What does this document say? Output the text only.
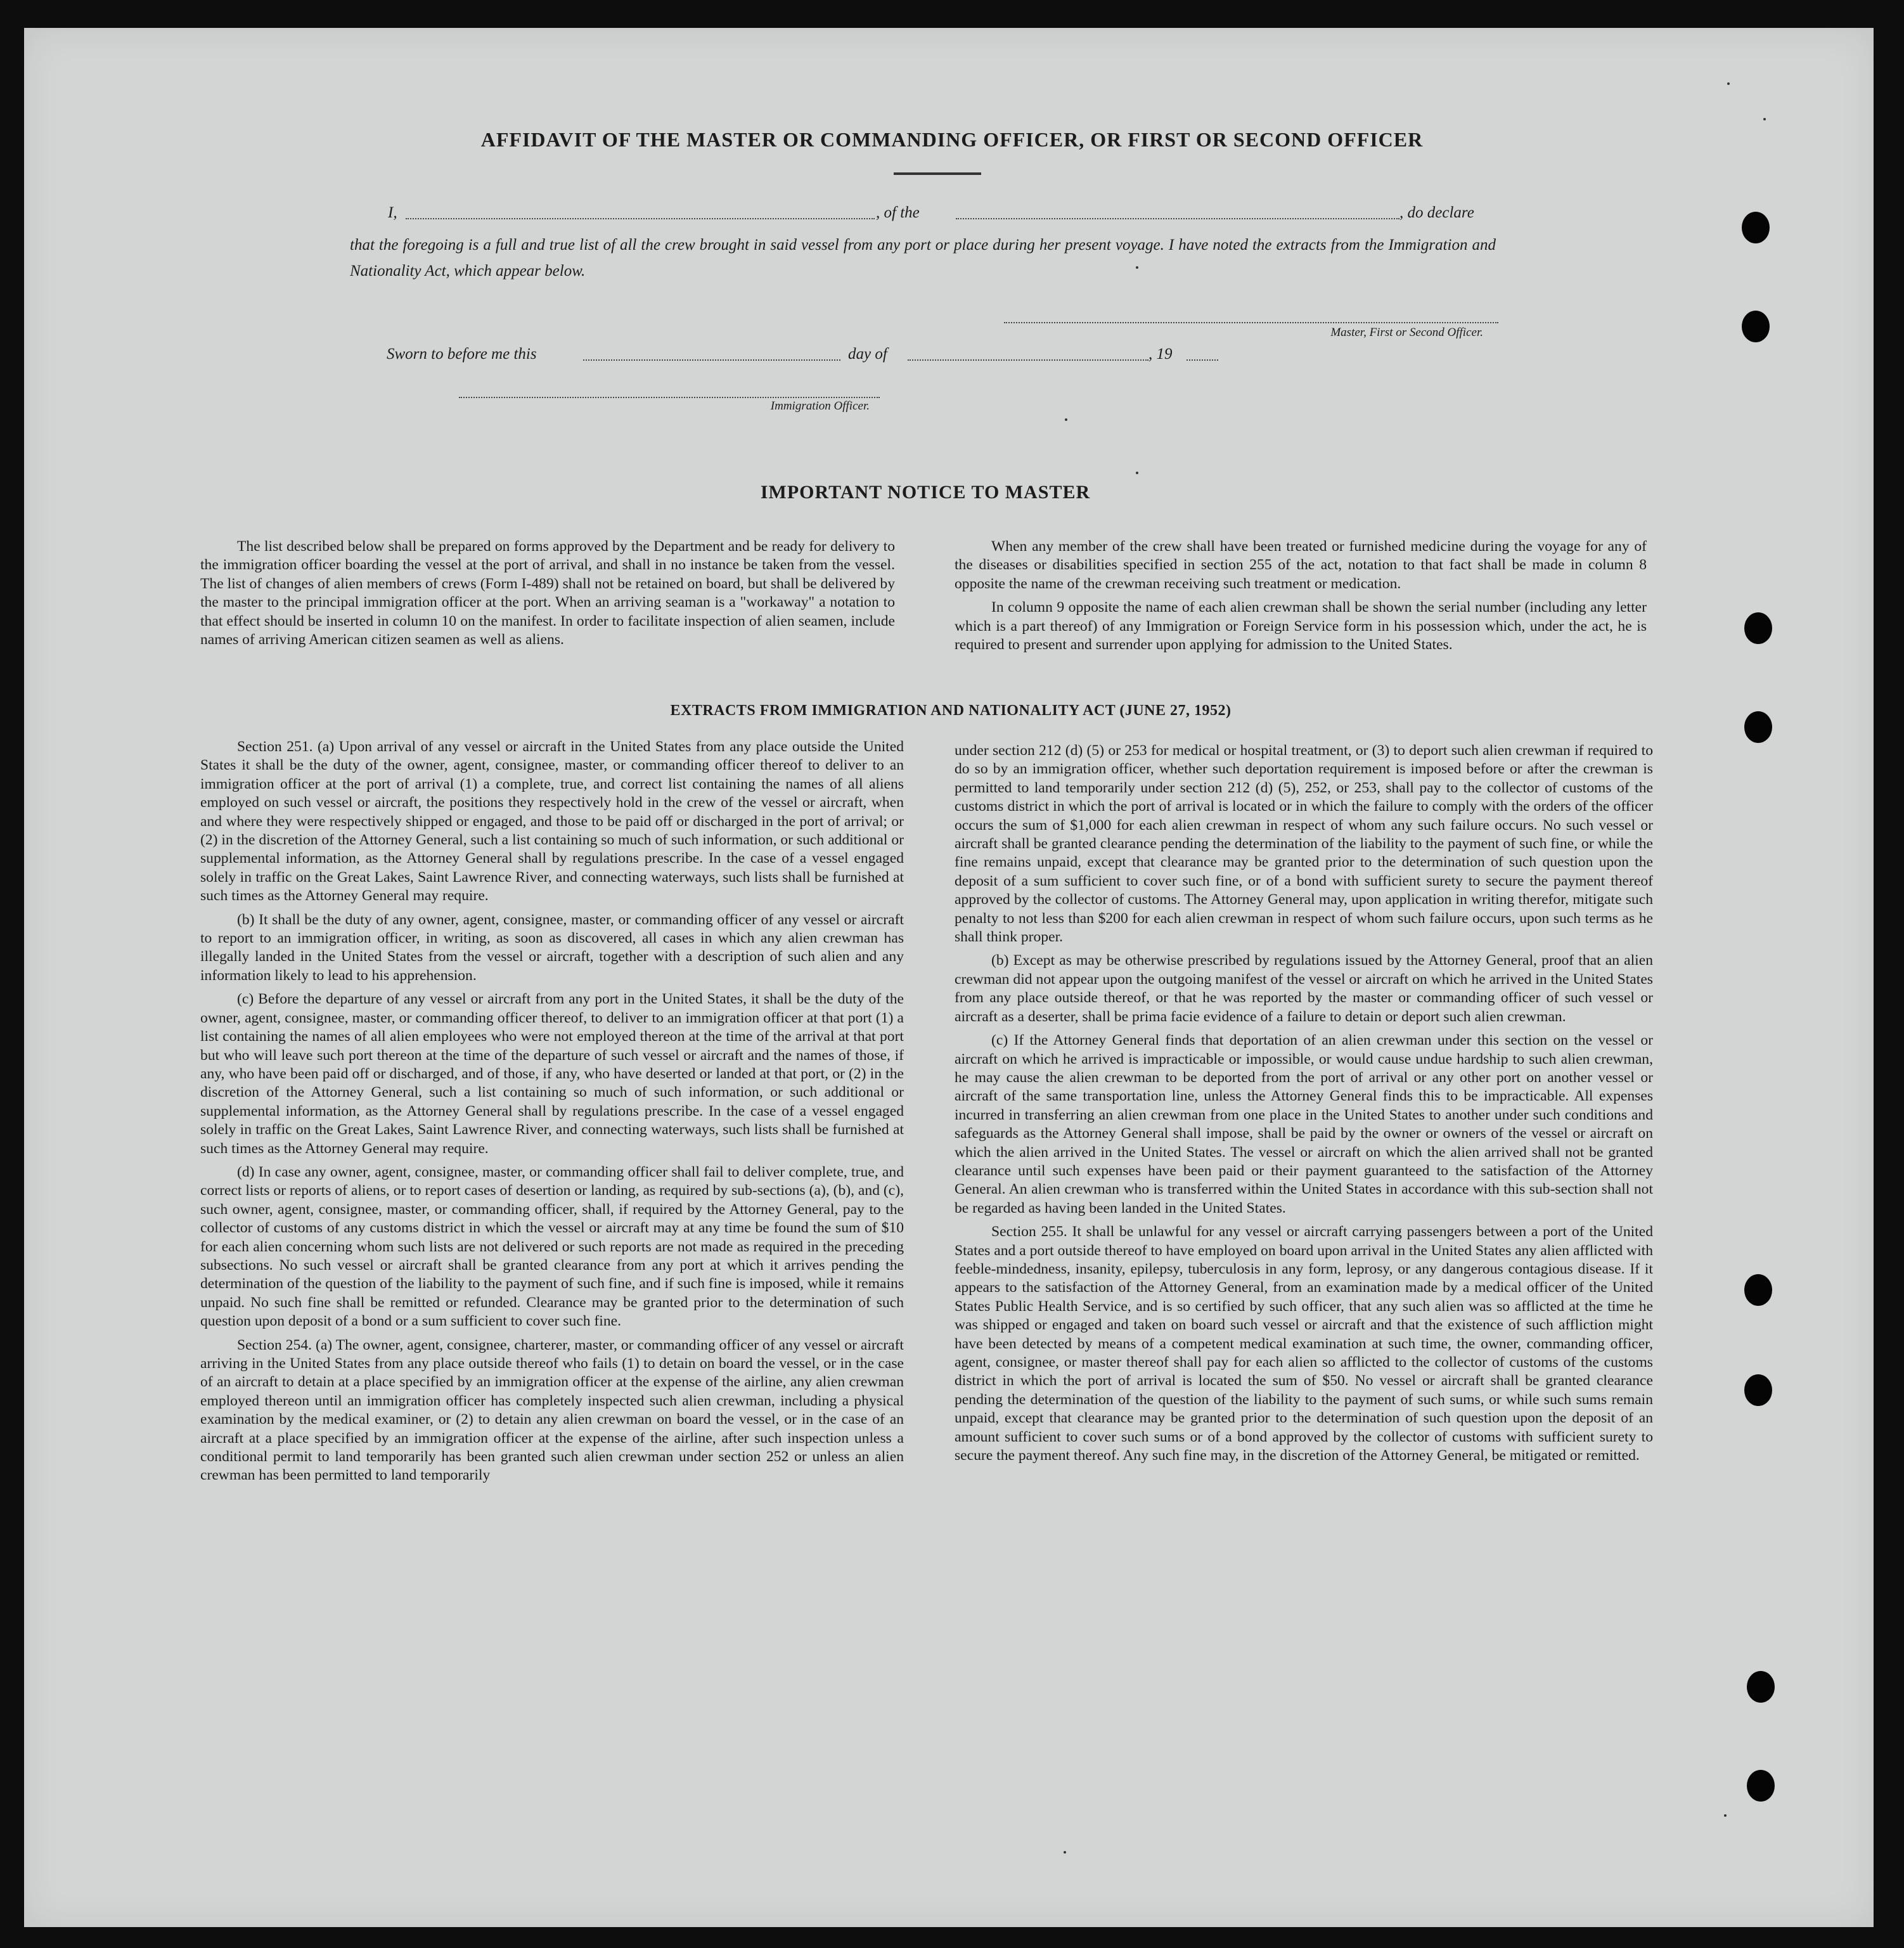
AFFIDAVIT OF THE MASTER OR COMMANDING OFFICER, OR FIRST OR SECOND OFFICER
I,	, of the	, do declare
that the foregoing is a full and true list of all the crew brought in said vessel from any port or place during her present voyage. I have noted the extracts from the Immigration and Nationality Act, which appear below.
Master, First or Second Officer.
Sworn to before me this	day of	, 19
Immigration Officer.
IMPORTANT NOTICE TO MASTER

The list described below shall be prepared on forms approved by the Department and be ready for delivery to the immigration officer boarding the vessel at the port of arrival, and shall in no instance be taken from the vessel. The list of changes of alien members of crews (Form I-489) shall not be retained on board, but shall be delivered by the master to the principal immigration officer at the port. When an arriving seaman is a "workaway" a notation to that effect should be inserted in column 10 on the manifest. In order to facilitate inspection of alien seamen, include names of arriving American citizen seamen as well as aliens.

When any member of the crew shall have been treated or furnished medicine during the voyage for any of the diseases or disabilities specified in section 255 of the act, notation to that fact shall be made in column 8 opposite the name of the crewman receiving such treatment or medication.

In column 9 opposite the name of each alien crewman shall be shown the serial number (including any letter which is a part thereof) of any Immigration or Foreign Service form in his possession which, under the act, he is required to present and surrender upon applying for admission to the United States.

EXTRACTS FROM IMMIGRATION AND NATIONALITY ACT (JUNE 27, 1952)

Section 251. (a) Upon arrival of any vessel or aircraft in the United States from any place outside the United States it shall be the duty of the owner, agent, consignee, master, or commanding officer thereof to deliver to an immigration officer at the port of arrival (1) a complete, true, and correct list containing the names of all aliens employed on such vessel or aircraft, the positions they respectively hold in the crew of the vessel or aircraft, when and where they were respectively shipped or engaged, and those to be paid off or discharged in the port of arrival; or (2) in the discretion of the Attorney General, such a list containing so much of such information, or such additional or supplemental information, as the Attorney General shall by regulations prescribe. In the case of a vessel engaged solely in traffic on the Great Lakes, Saint Lawrence River, and connecting waterways, such lists shall be furnished at such times as the Attorney General may require.

(b) It shall be the duty of any owner, agent, consignee, master, or commanding officer of any vessel or aircraft to report to an immigration officer, in writing, as soon as discovered, all cases in which any alien crewman has illegally landed in the United States from the vessel or aircraft, together with a description of such alien and any information likely to lead to his apprehension.

(c) Before the departure of any vessel or aircraft from any port in the United States, it shall be the duty of the owner, agent, consignee, master, or commanding officer thereof, to deliver to an immigration officer at that port (1) a list containing the names of all alien employees who were not employed thereon at the time of the arrival at that port but who will leave such port thereon at the time of the departure of such vessel or aircraft and the names of those, if any, who have been paid off or discharged, and of those, if any, who have deserted or landed at that port, or (2) in the discretion of the Attorney General, such a list containing so much of such information, or such additional or supplemental information, as the Attorney General shall by regulations prescribe. In the case of a vessel engaged solely in traffic on the Great Lakes, Saint Lawrence River, and connecting waterways, such lists shall be furnished at such times as the Attorney General may require.

(d) In case any owner, agent, consignee, master, or commanding officer shall fail to deliver complete, true, and correct lists or reports of aliens, or to report cases of desertion or landing, as required by sub-sections (a), (b), and (c), such owner, agent, consignee, master, or commanding officer, shall, if required by the Attorney General, pay to the collector of customs of any customs district in which the vessel or aircraft may at any time be found the sum of $10 for each alien concerning whom such lists are not delivered or such reports are not made as required in the preceding subsections. No such vessel or aircraft shall be granted clearance from any port at which it arrives pending the determination of the question of the liability to the payment of such fine, and if such fine is imposed, while it remains unpaid. No such fine shall be remitted or refunded. Clearance may be granted prior to the determination of such question upon deposit of a bond or a sum sufficient to cover such fine.

Section 254. (a) The owner, agent, consignee, charterer, master, or commanding officer of any vessel or aircraft arriving in the United States from any place outside thereof who fails (1) to detain on board the vessel, or in the case of an aircraft to detain at a place specified by an immigration officer at the expense of the airline, any alien crewman employed thereon until an immigration officer has completely inspected such alien crewman, including a physical examination by the medical examiner, or (2) to detain any alien crewman on board the vessel, or in the case of an aircraft at a place specified by an immigration officer at the expense of the airline, after such inspection unless a conditional permit to land temporarily has been granted such alien crewman under section 252 or unless an alien crewman has been permitted to land temporarily

under section 212 (d) (5) or 253 for medical or hospital treatment, or (3) to deport such alien crewman if required to do so by an immigration officer, whether such deportation requirement is imposed before or after the crewman is permitted to land temporarily under section 212 (d) (5), 252, or 253, shall pay to the collector of customs of the customs district in which the port of arrival is located or in which the failure to comply with the orders of the officer occurs the sum of $1,000 for each alien crewman in respect of whom any such failure occurs. No such vessel or aircraft shall be granted clearance pending the determination of the liability to the payment of such fine, or while the fine remains unpaid, except that clearance may be granted prior to the determination of such question upon the deposit of a sum sufficient to cover such fine, or of a bond with sufficient surety to secure the payment thereof approved by the collector of customs. The Attorney General may, upon application in writing therefor, mitigate such penalty to not less than $200 for each alien crewman in respect of whom such failure occurs, upon such terms as he shall think proper.

(b) Except as may be otherwise prescribed by regulations issued by the Attorney General, proof that an alien crewman did not appear upon the outgoing manifest of the vessel or aircraft on which he arrived in the United States from any place outside thereof, or that he was reported by the master or commanding officer of such vessel or aircraft as a deserter, shall be prima facie evidence of a failure to detain or deport such alien crewman.

(c) If the Attorney General finds that deportation of an alien crewman under this section on the vessel or aircraft on which he arrived is impracticable or impossible, or would cause undue hardship to such alien crewman, he may cause the alien crewman to be deported from the port of arrival or any other port on another vessel or aircraft of the same transportation line, unless the Attorney General finds this to be impracticable. All expenses incurred in transferring an alien crewman from one place in the United States to another under such conditions and safeguards as the Attorney General shall impose, shall be paid by the owner or owners of the vessel or aircraft on which the alien arrived in the United States. The vessel or aircraft on which the alien arrived shall not be granted clearance until such expenses have been paid or their payment guaranteed to the satisfaction of the Attorney General. An alien crewman who is transferred within the United States in accordance with this sub-section shall not be regarded as having been landed in the United States.

Section 255. It shall be unlawful for any vessel or aircraft carrying passengers between a port of the United States and a port outside thereof to have employed on board upon arrival in the United States any alien afflicted with feeble-mindedness, insanity, epilepsy, tuberculosis in any form, leprosy, or any dangerous contagious disease. If it appears to the satisfaction of the Attorney General, from an examination made by a medical officer of the United States Public Health Service, and is so certified by such officer, that any such alien was so afflicted at the time he was shipped or engaged and taken on board such vessel or aircraft and that the existence of such affliction might have been detected by means of a competent medical examination at such time, the owner, commanding officer, agent, consignee, or master thereof shall pay for each alien so afflicted to the collector of customs of the customs district in which the port of arrival is located the sum of $50. No vessel or aircraft shall be granted clearance pending the determination of the question of the liability to the payment of such sums, or while such sums remain unpaid, except that clearance may be granted prior to the determination of such question upon the deposit of an amount sufficient to cover such sums or of a bond approved by the collector of customs with sufficient surety to secure the payment thereof. Any such fine may, in the discretion of the Attorney General, be mitigated or remitted.
